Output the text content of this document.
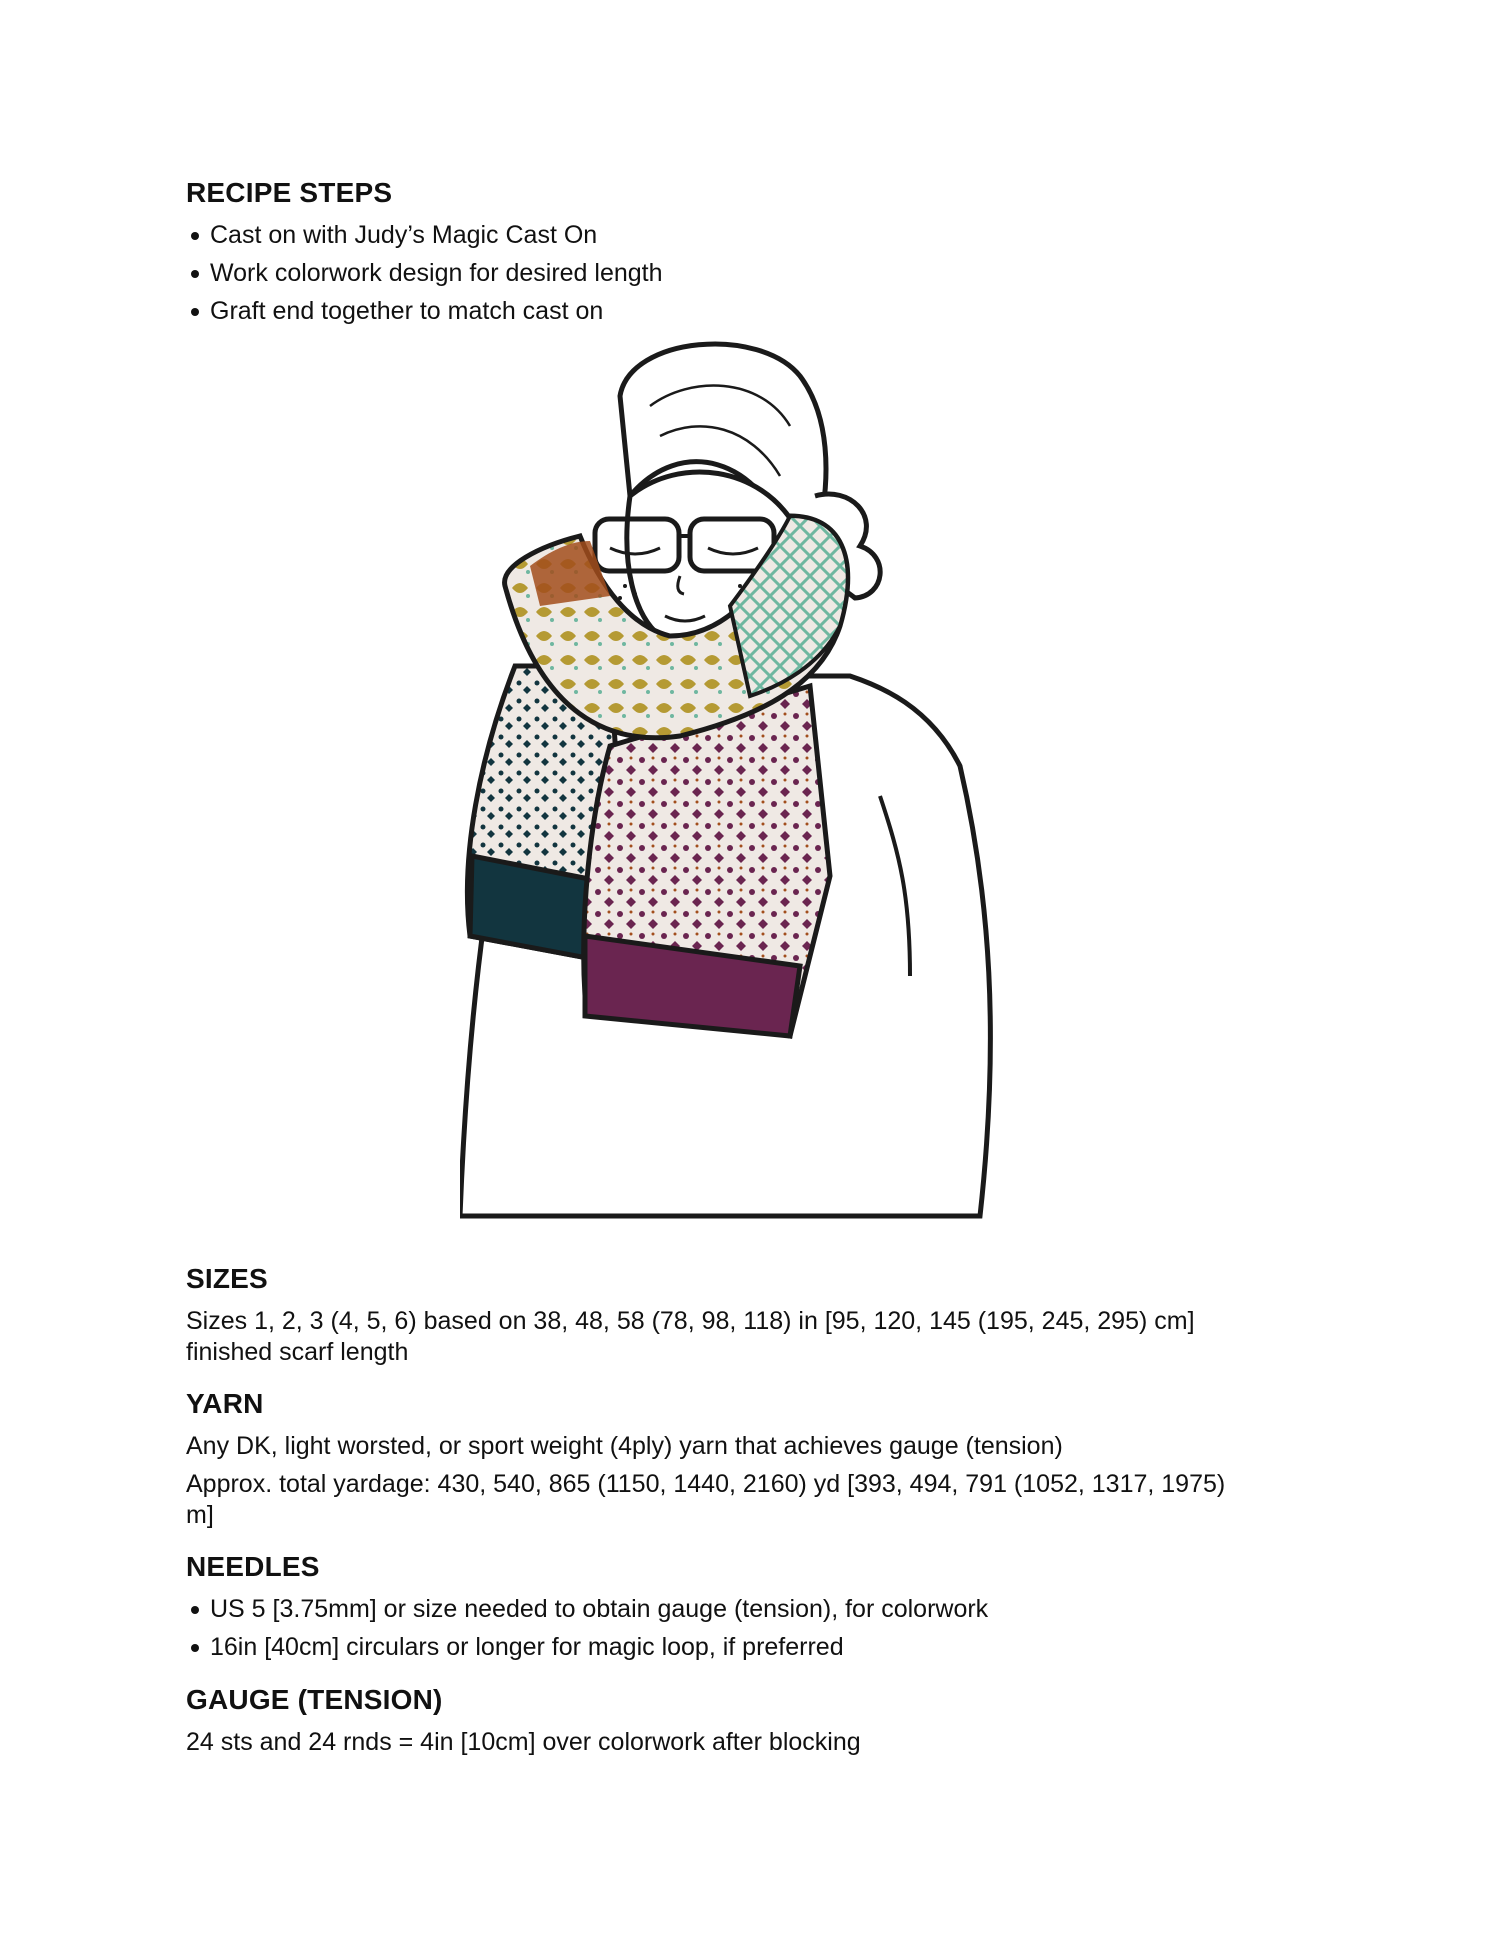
RECIPE STEPS
Cast on with Judy’s Magic Cast On
Work colorwork design for desired length
Graft end together to match cast on
SIZES

Sizes 1, 2, 3 (4, 5, 6) based on 38, 48, 58 (78, 98, 118) in [95, 120, 145 (195, 245, 295) cm]

finished scarf length

YARN

Any DK, light worsted, or sport weight (4ply) yarn that achieves gauge (tension)

Approx. total yardage: 430, 540, 865 (1150, 1440, 2160) yd [393, 494, 791 (1052, 1317, 1975)

m]

NEEDLES
US 5 [3.75mm] or size needed to obtain gauge (tension), for colorwork
16in [40cm] circulars or longer for magic loop, if preferred
GAUGE (TENSION)

24 sts and 24 rnds = 4in [10cm] over colorwork after blocking
